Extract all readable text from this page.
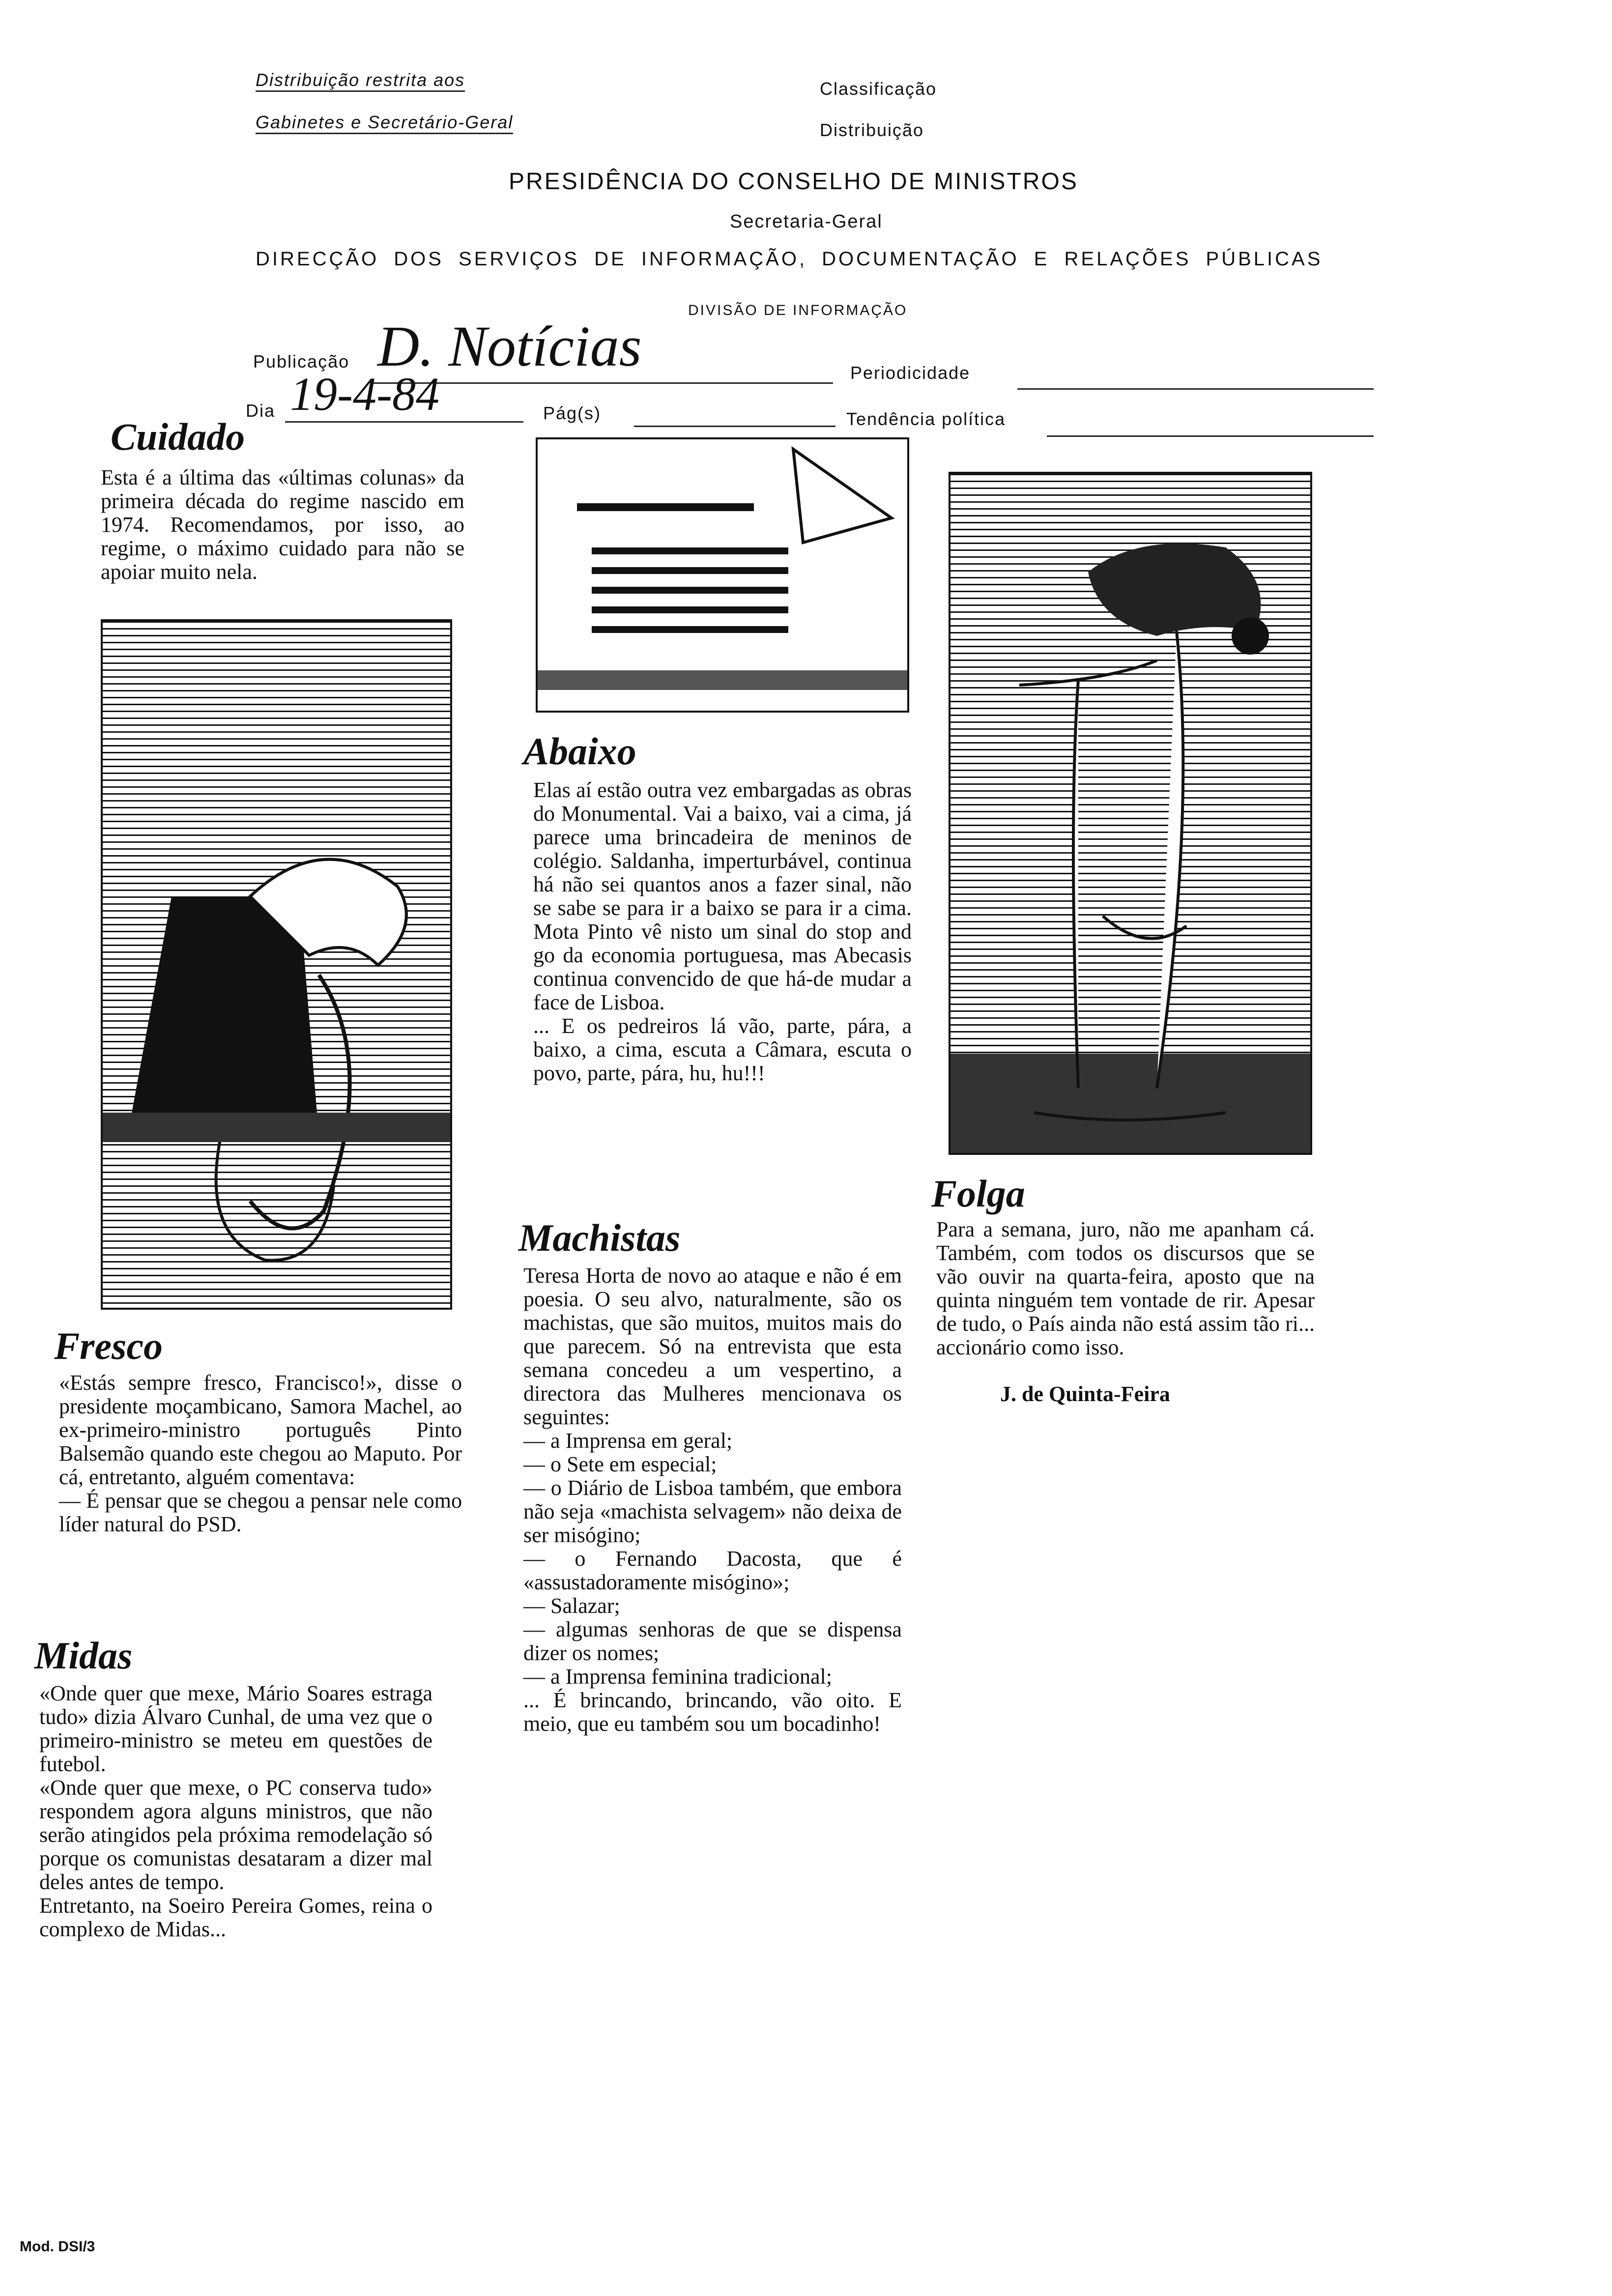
Distribuição restrita aos
Gabinetes e Secretário-Geral
Classificação
Distribuição
PRESIDÊNCIA DO CONSELHO DE MINISTROS
Secretaria-Geral
DIRECÇÃO DOS SERVIÇOS DE INFORMAÇÃO, DOCUMENTAÇÃO E RELAÇÕES PÚBLICAS
DIVISÃO DE INFORMAÇÃO
Publicação D. Notícias	Periodicidade
Dia 19-4-84	Pág(s)	Tendência política
Cuidado
Esta é a última das «últimas colunas» da primeira década do regime nascido em 1974. Recomendamos, por isso, ao regime, o máximo cuidado para não se apoiar muito nela.
Fresco
«Estás sempre fresco, Francisco!», disse o presidente moçambicano, Samora Machel, ao ex-primeiro-ministro português Pinto Balsemão quando este chegou ao Maputo. Por cá, entretanto, alguém comentava:
— É pensar que se chegou a pensar nele como líder natural do PSD.
Midas
«Onde quer que mexe, Mário Soares estraga tudo» dizia Álvaro Cunhal, de uma vez que o primeiro-ministro se meteu em questões de futebol.
«Onde quer que mexe, o PC conserva tudo» respondem agora alguns ministros, que não serão atingidos pela próxima remodelação só porque os comunistas desataram a dizer mal deles antes de tempo.
Entretanto, na Soeiro Pereira Gomes, reina o complexo de Midas...
Abaixo
Elas aí estão outra vez embargadas as obras do Monumental. Vai a baixo, vai a cima, já parece uma brincadeira de meninos de colégio. Saldanha, imperturbável, continua há não sei quantos anos a fazer sinal, não se sabe se para ir a baixo se para ir a cima. Mota Pinto vê nisto um sinal do stop and go da economia portuguesa, mas Abecasis continua convencido de que há-de mudar a face de Lisboa.
... E os pedreiros lá vão, parte, pára, a baixo, a cima, escuta a Câmara, escuta o povo, parte, pára, hu, hu!!!
Machistas
Teresa Horta de novo ao ataque e não é em poesia. O seu alvo, naturalmente, são os machistas, que são muitos, muitos mais do que parecem. Só na entrevista que esta semana concedeu a um vespertino, a directora das Mulheres mencionava os seguintes:
— a Imprensa em geral;
— o Sete em especial;
— o Diário de Lisboa também, que embora não seja «machista selvagem» não deixa de ser misógino;
— o Fernando Dacosta, que é «assustadoramente misógino»;
— Salazar;
— algumas senhoras de que se dispensa dizer os nomes;
— a Imprensa feminina tradicional;
... É brincando, brincando, vão oito. E meio, que eu também sou um bocadinho!
Folga
Para a semana, juro, não me apanham cá. Também, com todos os discursos que se vão ouvir na quarta-feira, aposto que na quinta ninguém tem vontade de rir. Apesar de tudo, o País ainda não está assim tão ri... accionário como isso.
J. de Quinta-Feira
Mod. DSI/3
